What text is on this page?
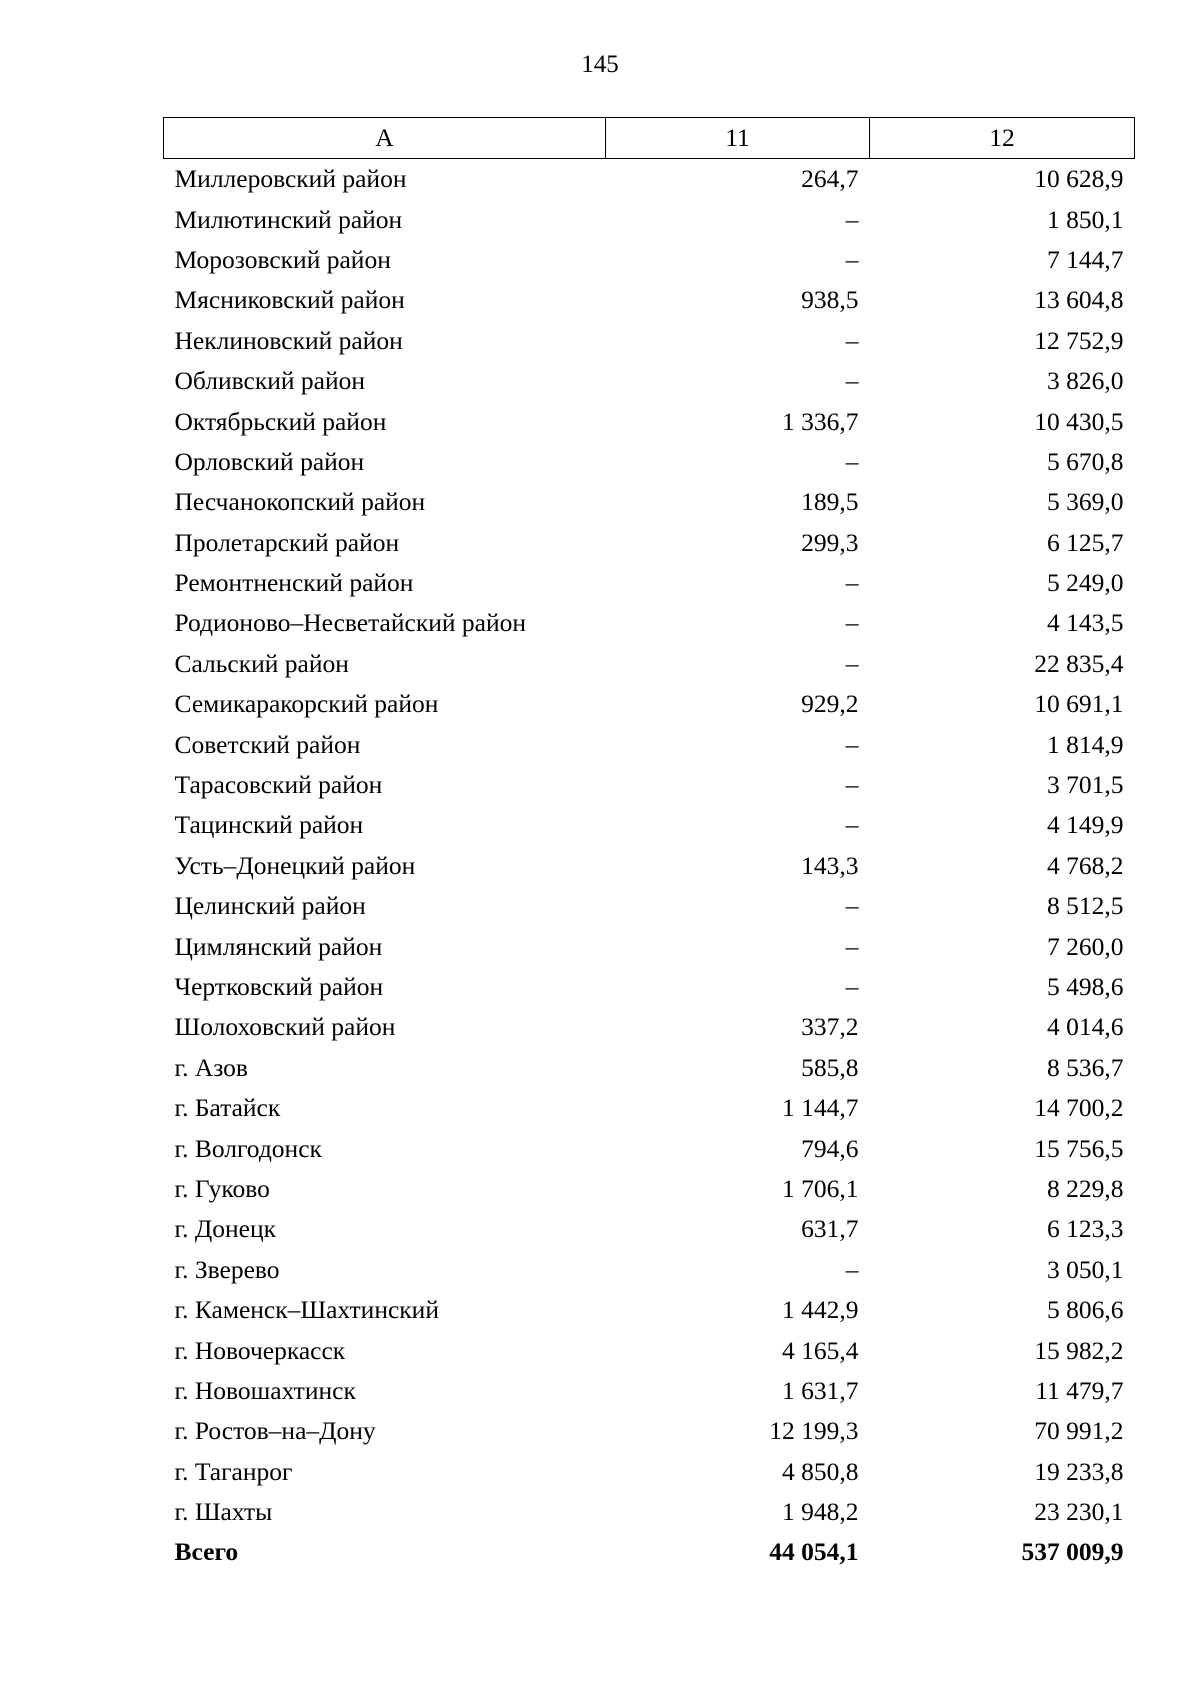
145
А	11	12
Миллеровский район	264,7	10 628,9
Милютинский район	–	1 850,1
Морозовский район	–	7 144,7
Мясниковский район	938,5	13 604,8
Неклиновский район	–	12 752,9
Обливский район	–	3 826,0
Октябрьский район	1 336,7	10 430,5
Орловский район	–	5 670,8
Песчанокопский район	189,5	5 369,0
Пролетарский район	299,3	6 125,7
Ремонтненский район	–	5 249,0
Родионово–Несветайский район	–	4 143,5
Сальский район	–	22 835,4
Семикаракорский район	929,2	10 691,1
Советский район	–	1 814,9
Тарасовский район	–	3 701,5
Тацинский район	–	4 149,9
Усть–Донецкий район	143,3	4 768,2
Целинский район	–	8 512,5
Цимлянский район	–	7 260,0
Чертковский район	–	5 498,6
Шолоховский район	337,2	4 014,6
г. Азов	585,8	8 536,7
г. Батайск	1 144,7	14 700,2
г. Волгодонск	794,6	15 756,5
г. Гуково	1 706,1	8 229,8
г. Донецк	631,7	6 123,3
г. Зверево	–	3 050,1
г. Каменск–Шахтинский	1 442,9	5 806,6
г. Новочеркасск	4 165,4	15 982,2
г. Новошахтинск	1 631,7	11 479,7
г. Ростов–на–Дону	12 199,3	70 991,2
г. Таганрог	4 850,8	19 233,8
г. Шахты	1 948,2	23 230,1
Всего	44 054,1	537 009,9
